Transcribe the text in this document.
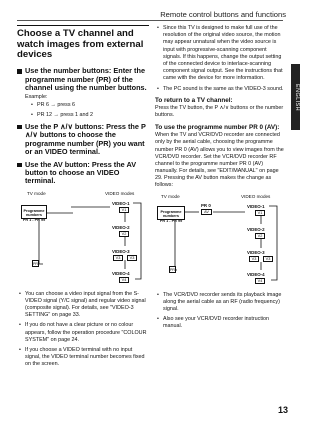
Remote control buttons and functions
ENGLISH
Choose a TV channel and watch images from external devices
Use the number buttons: Enter the programme number (PR) of the channel using the number buttons.
Example:
• PR 6 → press 6
• PR 12 → press 1 and 2
Use the P ∧/∨ buttons: Press the P ∧/∨ buttons to choose the programme number (PR) you want or an VIDEO terminal.
Use the AV button: Press the AV button to choose an VIDEO terminal.
TV mode	VIDEO modes
Programme
numbers
PR 1 - PR 99
PR
VIDEO-1
V1
VIDEO-2
V2
VIDEO-3
V3	V3
VIDEO-4
V4
• You can choose a video input signal from the S-VIDEO signal (Y/C signal) and regular video signal (composite signal). For details, see "VIDEO-3 SETTING" on page 33.
• If you do not have a clear picture or no colour appears, follow the operation procedure "COLOUR SYSTEM" on page 24.
• If you choose a VIDEO terminal with no input signal, the VIDEO terminal number becomes fixed on the screen.
• Since this TV is designed to make full use of the resolution of the original video source, the motion may appear unnatural when the video source is input with progressive-scanning component signals. If this happens, change the output setting of the connected device to interlace-scanning component signal output. See the instructions that came with the device for more information.
• The PC sound is the same as the VIDEO-3 sound.
To return to a TV channel:
Press the TV button, the P ∧/∨ buttons or the number buttons.
To use the programme number PR 0 (AV):
When the TV and VCR/DVD recorder are connected only by the aerial cable, choosing the programme number PR 0 (AV) allows you to view images from the VCR/DVD recorder. Set the VCR/DVD recorder RF channel to the programme number PR 0 (AV) manually. For details, see "EDIT/MANUAL" on page 29. Pressing the AV button makes the change as follows:
TV mode	VIDEO modes
Programme
numbers
PR 1 - PR 99
PR 0
AV
PR
VIDEO-1
V1
VIDEO-2
V2
VIDEO-3
V3	V3
VIDEO-4
V4
• The VCR/DVD recorder sends its playback image along the aerial cable as an RF (radio frequency) signal.
• Also see your VCR/DVD recorder instruction manual.
13
